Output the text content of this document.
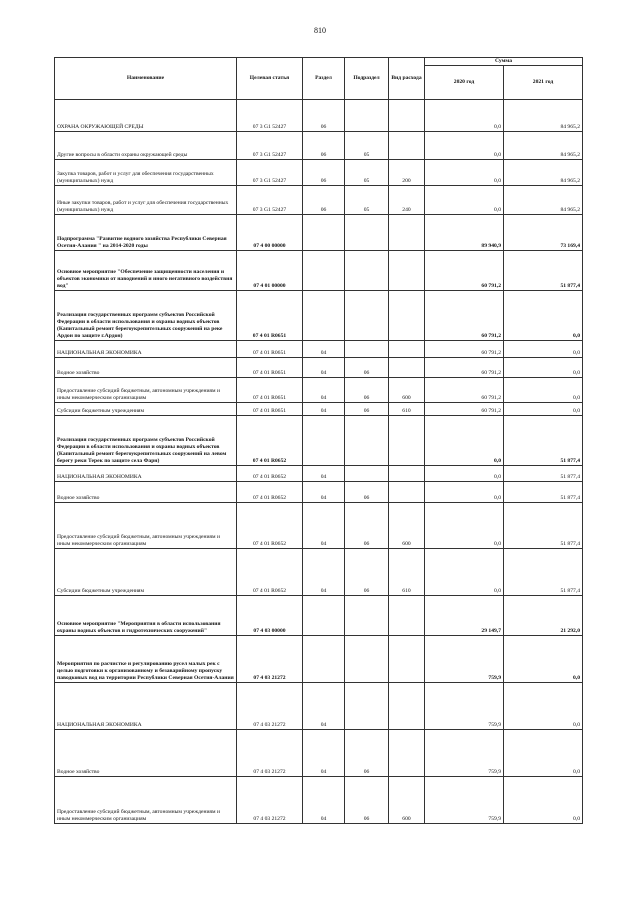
810
Наименование	Целевая статья	Раздел	Подраздел	Вид расхода	Сумма	
					2020 год	2021 год
ОХРАНА ОКРУЖАЮЩЕЙ СРЕДЫ	07 3 G1 52427	06			0,0	84 965,2
Другие вопросы в области охраны окружающей среды	07 3 G1 52427	06	05		0,0	84 965,2
Закупка товаров, работ и услуг для обеспечения государственных (муниципальных) нужд	07 3 G1 52427	06	05	200	0,0	84 965,2
Иные закупки товаров, работ и услуг для обеспечения государственных (муниципальных) нужд	07 3 G1 52427	06	05	240	0,0	84 965,2
Подпрограмма "Развитие водного хозяйства Республики Северная Осетия-Алания " на 2014-2020 годы	07 4 00 00000				89 940,9	73 169,4
Основное мероприятие "Обеспечение защищенности населения и объектов экономики от наводнений и иного негативного воздействия вод"	07 4 01 00000				60 791,2	51 877,4
Реализация государственных программ субъектов Российской Федерации в области использования и охраны водных объектов (Капитальный ремонт берегоукрепительных сооружений на реке Ардон по защите г.Ардон)	07 4 01 R0651				60 791,2	0,0
НАЦИОНАЛЬНАЯ ЭКОНОМИКА	07 4 01 R0651	04			60 791,2	0,0
Водное хозяйство	07 4 01 R0651	04	06		60 791,2	0,0
Предоставление субсидий бюджетным, автономным учреждениям и иным некоммерческим организациям	07 4 01 R0651	04	06	600	60 791,2	0,0
Субсидии бюджетным учреждениям	07 4 01 R0651	04	06	610	60 791,2	0,0
Реализация государственных программ субъектов Российской Федерации в области использования и охраны водных объектов (Капитальный ремонт берегоукрепительных сооружений на левом берегу реки Терек по защите села Фарн)	07 4 01 R0652				0,0	51 877,4
НАЦИОНАЛЬНАЯ ЭКОНОМИКА	07 4 01 R0652	04			0,0	51 877,4
Водное хозяйство	07 4 01 R0652	04	06		0,0	51 877,4
Предоставление субсидий бюджетным, автономным учреждениям и иным некоммерческим организациям	07 4 01 R0652	04	06	600	0,0	51 877,4
Субсидии бюджетным учреждениям	07 4 01 R0652	04	06	610	0,0	51 877,4
Основное мероприятие "Мероприятия в области использования охраны водных объектов и гидротехнических сооружений"	07 4 03 00000				29 149,7	21 292,0
Мероприятия по расчистке и регулированию русел малых рек с целью подготовки к организованному и безаварийному пропуску паводковых вод на территории Республики Северная Осетия-Алания	07 4 03 21272				759,9	0,0
НАЦИОНАЛЬНАЯ ЭКОНОМИКА	07 4 03 21272	04			759,9	0,0
Водное хозяйство	07 4 03 21272	04	06		759,9	0,0
Предоставление субсидий бюджетным, автономным учреждениям и иным некоммерческим организациям	07 4 03 21272	04	06	600	759,9	0,0
